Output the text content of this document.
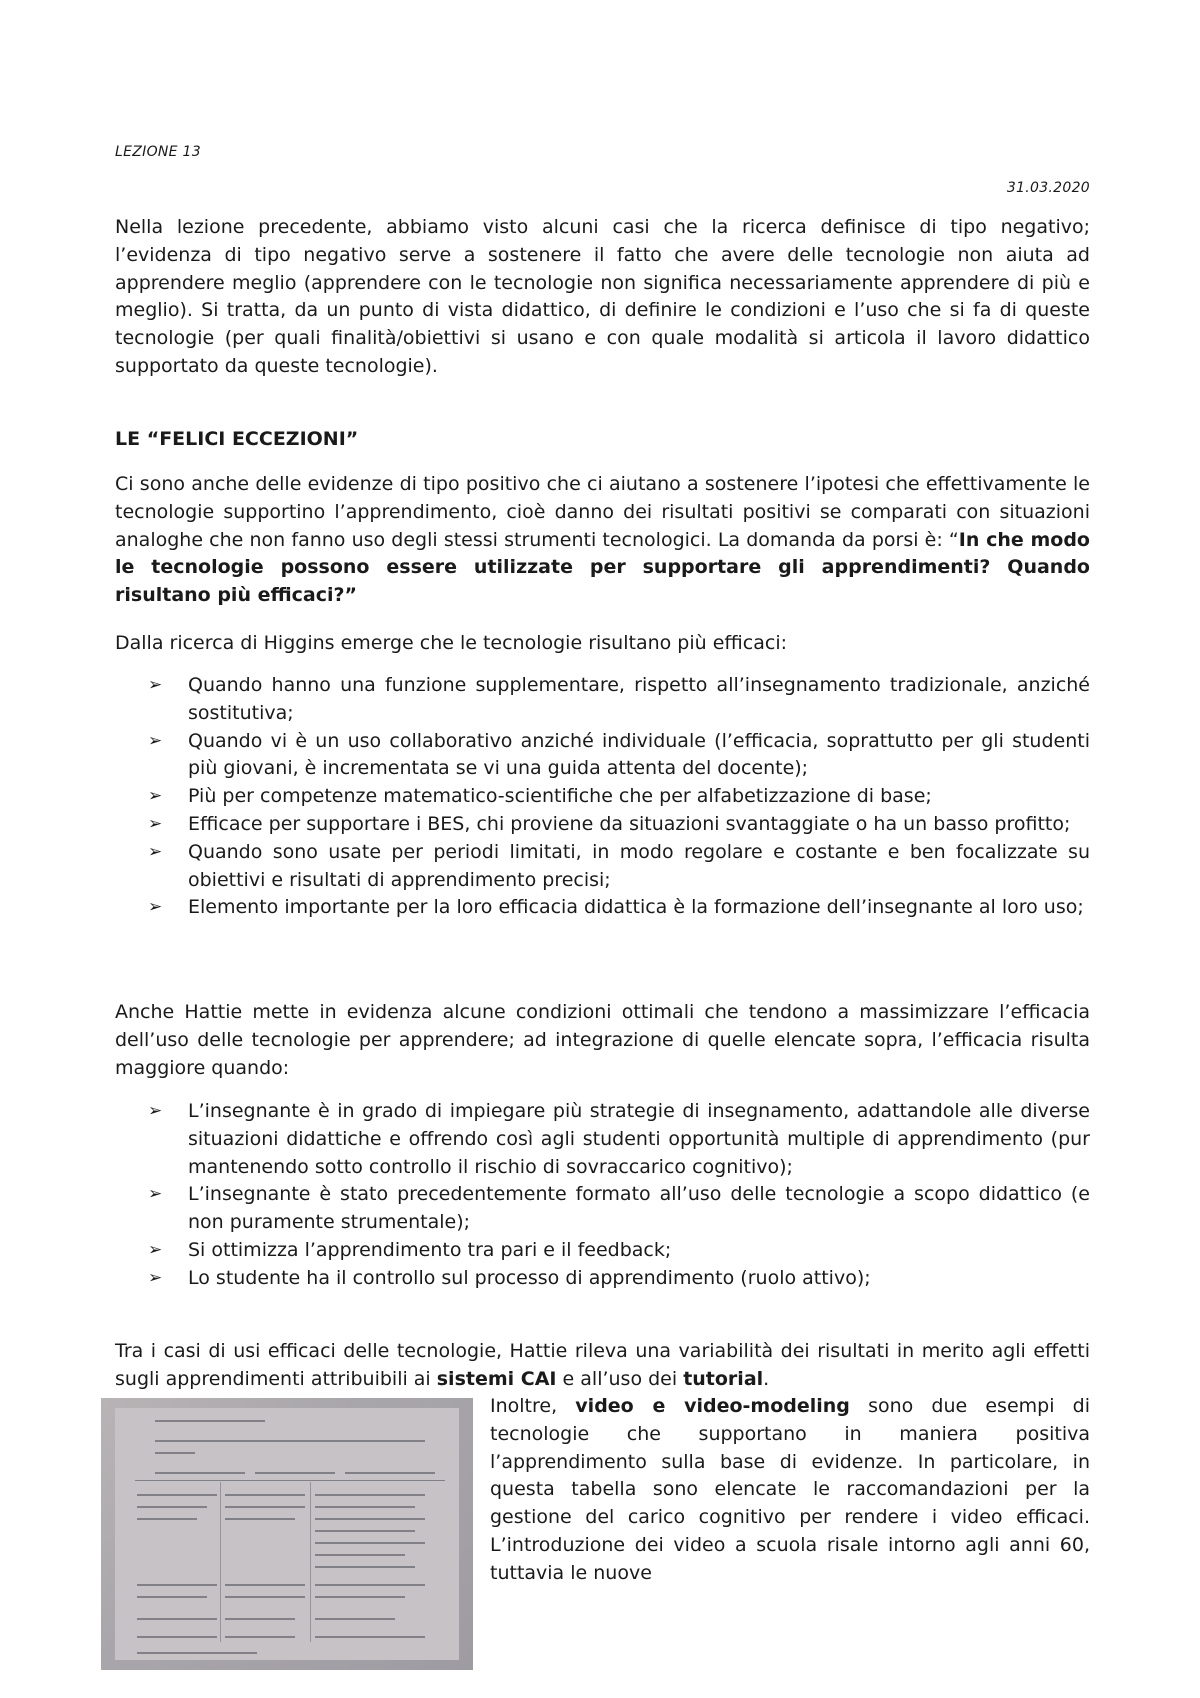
LEZIONE 13
31.03.2020

Nella lezione precedente, abbiamo visto alcuni casi che la ricerca definisce di tipo negativo; l’evidenza di tipo negativo serve a sostenere il fatto che avere delle tecnologie non aiuta ad apprendere meglio (apprendere con le tecnologie non significa necessariamente apprendere di più e meglio). Si tratta, da un punto di vista didattico, di definire le condizioni e l’uso che si fa di queste tecnologie (per quali finalità/obiettivi si usano e con quale modalità si articola il lavoro didattico supportato da queste tecnologie).

LE “FELICI ECCEZIONI”

Ci sono anche delle evidenze di tipo positivo che ci aiutano a sostenere l’ipotesi che effettivamente le tecnologie supportino l’apprendimento, cioè danno dei risultati positivi se comparati con situazioni analoghe che non fanno uso degli stessi strumenti tecnologici. La domanda da porsi è: “In che modo le tecnologie possono essere utilizzate per supportare gli apprendimenti? Quando risultano più efficaci?”

Dalla ricerca di Higgins emerge che le tecnologie risultano più efficaci:

➢ Quando hanno una funzione supplementare, rispetto all’insegnamento tradizionale, anziché sostitutiva;
➢ Quando vi è un uso collaborativo anziché individuale (l’efficacia, soprattutto per gli studenti più giovani, è incrementata se vi una guida attenta del docente);
➢ Più per competenze matematico-scientifiche che per alfabetizzazione di base;
➢ Efficace per supportare i BES, chi proviene da situazioni svantaggiate o ha un basso profitto;
➢ Quando sono usate per periodi limitati, in modo regolare e costante e ben focalizzate su obiettivi e risultati di apprendimento precisi;
➢ Elemento importante per la loro efficacia didattica è la formazione dell’insegnante al loro uso;

Anche Hattie mette in evidenza alcune condizioni ottimali che tendono a massimizzare l’efficacia dell’uso delle tecnologie per apprendere; ad integrazione di quelle elencate sopra, l’efficacia risulta maggiore quando:

➢ L’insegnante è in grado di impiegare più strategie di insegnamento, adattandole alle diverse situazioni didattiche e offrendo così agli studenti opportunità multiple di apprendimento (pur mantenendo sotto controllo il rischio di sovraccarico cognitivo);
➢ L’insegnante è stato precedentemente formato all’uso delle tecnologie a scopo didattico (e non puramente strumentale);
➢ Si ottimizza l’apprendimento tra pari e il feedback;
➢ Lo studente ha il controllo sul processo di apprendimento (ruolo attivo);

Tra i casi di usi efficaci delle tecnologie, Hattie rileva una variabilità dei risultati in merito agli effetti sugli apprendimenti attribuibili ai sistemi CAI e all’uso dei tutorial.

Inoltre, video e video-modeling sono due esempi di tecnologie che supportano in maniera positiva l’apprendimento sulla base di evidenze. In particolare, in questa tabella sono elencate le raccomandazioni per la gestione del carico cognitivo per rendere i video efficaci. L’introduzione dei video a scuola risale intorno agli anni 60, tuttavia le nuove
